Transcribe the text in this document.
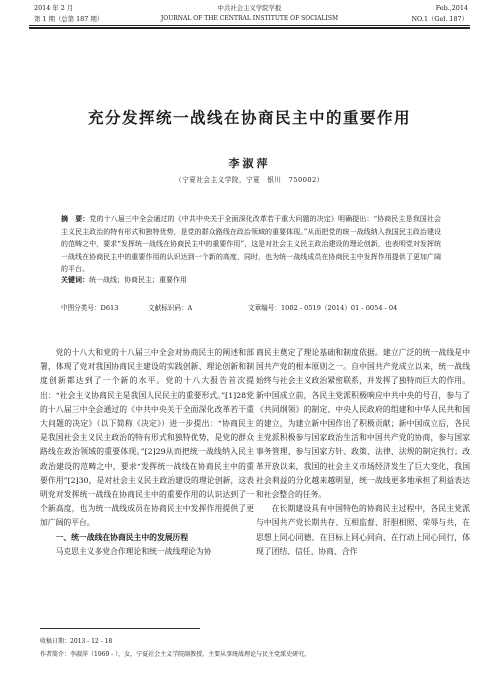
2014 年 2 月
第 1 期（总第 187 期）
中共社会主义学院学报
JOURNAL OF THE CENTRAL INSTITUTE OF SOCIALISM
Feb.,2014
NO.1（Gel. 187）
充分发挥统一战线在协商民主中的重要作用
李淑萍
（宁夏社会主义学院，宁夏　银川　750002）
摘　要：党的十八届三中全会通过的《中共中央关于全面深化改革若干重大问题的决定》明确提出：“协商民主是我国社会主义民主政治的特有形式和独特优势，是党的群众路线在政治领域的重要体现。”从而把党的统一战线纳入我国民主政治建设的范畴之中，要求“发挥统一战线在协商民主中的重要作用”，这是对社会主义民主政治建设的理论创新，也表明党对发挥统一战线在协商民主中的重要作用的认识达到一个新的高度，同时，也为统一战线成员在协商民主中发挥作用提供了更加广阔的平台。
关键词：统一战线；协商民主；重要作用
中图分类号：D613	文献标识码：A	文章编号：1002 - 0519（2014）01 - 0054 - 04

党的十八大和党的十八届三中全会对协商民主的阐述和部署，体现了党对我国协商民主建设的实践创新、理论创新和制度创新都达到了一个新的水平。党的十八大报告首次提出：“社会主义协商民主是我国人民民主的重要形式。”[1]28党的十八届三中全会通过的《中共中央关于全面深化改革若干重大问题的决定》（以下简称《决定》）进一步提出：“协商民主是我国社会主义民主政治的特有形式和独特优势，是党的群众路线在政治领域的重要体现。”[2]29从而把统一战线纳入民主政治建设的范畴之中，要求“发挥统一战线在协商民主中的重要作用”[2]30，是对社会主义民主政治建设的理论创新，这表明党对发挥统一战线在协商民主中的重要作用的认识达到了一个新高度，也为统一战线成员在协商民主中发挥作用提供了更加广阔的平台。

一、统一战线在协商民主中的发展历程

马克思主义多党合作理论和统一战线理论为协

商民主奠定了理论基础和制度依据。建立广泛的统一战线是中国共产党的根本原则之一。自中国共产党成立以来，统一战线始终与社会主义政治紧密联系，并发挥了独特而巨大的作用。新中国成立前，各民主党派积极响应中共中央的号召，参与了《共同纲领》的制定、中央人民政府的组建和中华人民共和国的建立，为建立新中国作出了积极贡献；新中国成立后，各民主党派积极参与国家政治生活和中国共产党的协商，参与国家事务管理、参与国家方针、政策、法律、法规的制定执行；改革开放以来，我国的社会主义市场经济发生了巨大变化，我国社会利益的分化越来越明显，统一战线更多地承担了利益表达和社会整合的任务。

在长期建设具有中国特色的协商民主过程中，各民主党派与中国共产党长期共存、互相监督、肝胆相照、荣辱与共，在思想上同心同德、在目标上同心同向、在行动上同心同行，体现了团结、信任、协商、合作

收稿日期：2013 - 12 - 18
作者简介：李淑萍（1969 - ），女，宁夏社会主义学院副教授，主要从事统战理论与民主党派史研究。
